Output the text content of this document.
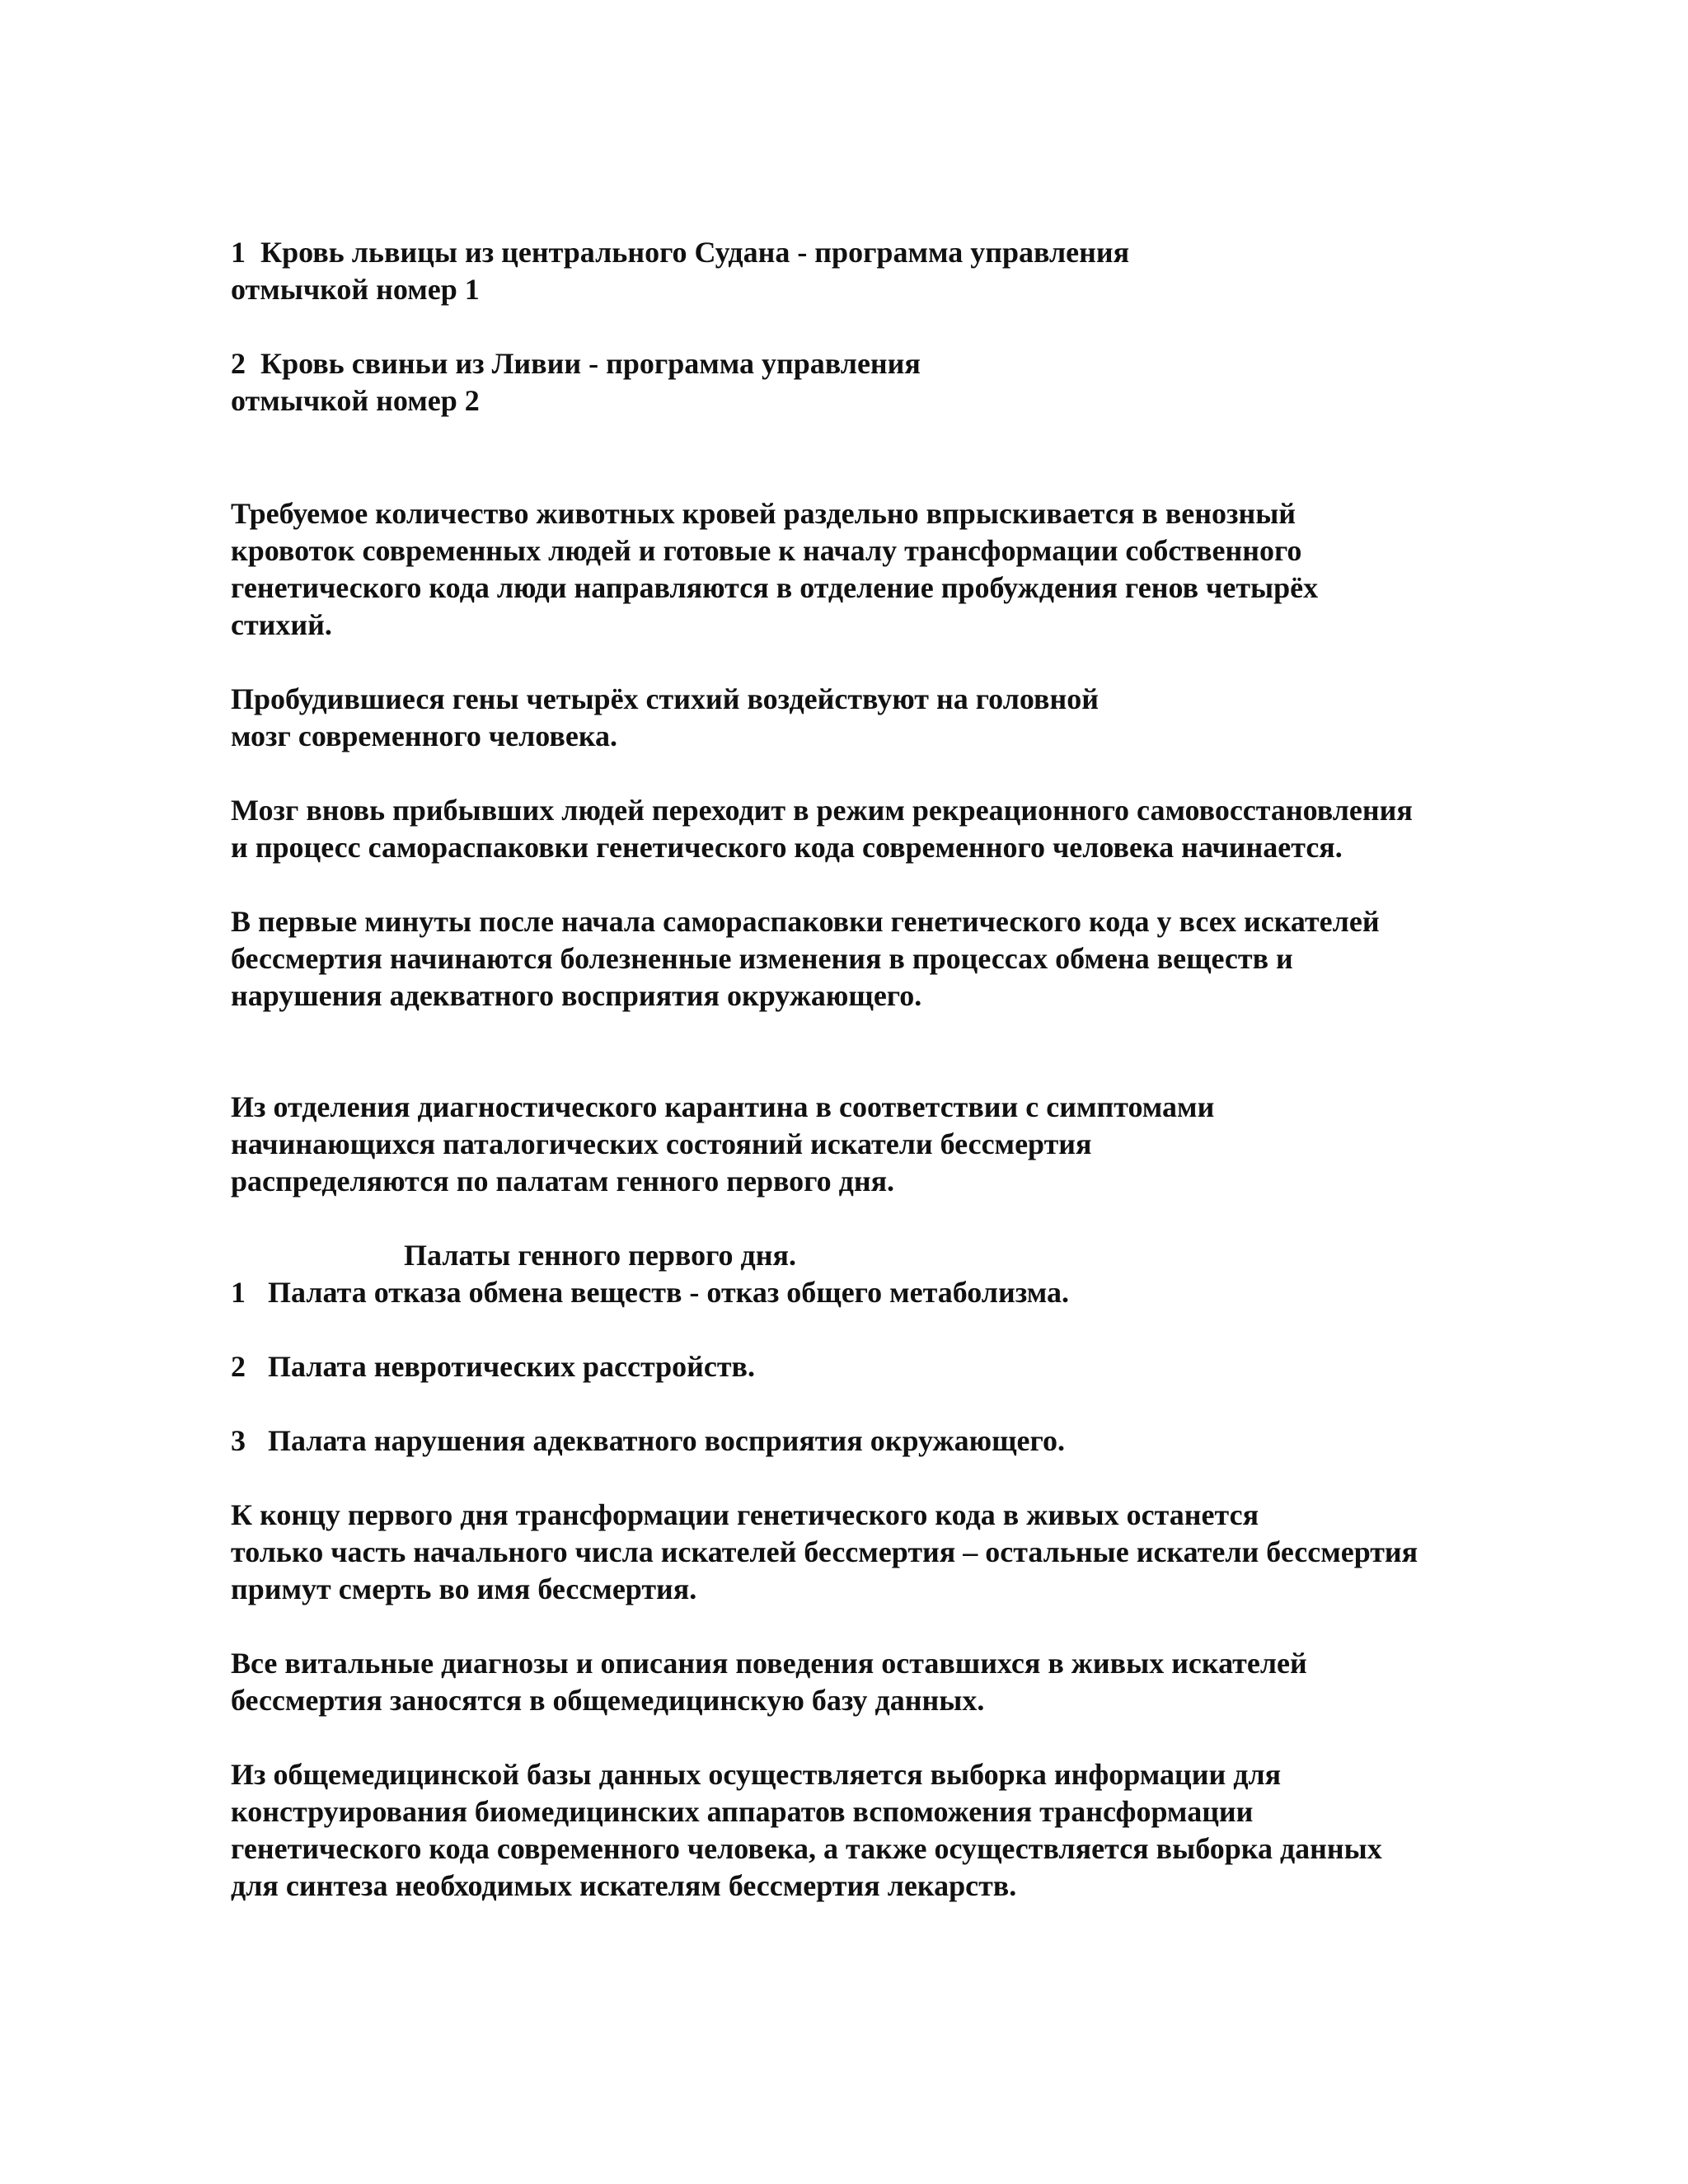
1  Кровь львицы из центрального Судана - программа управления

отмычкой номер 1

2  Кровь свиньи из Ливии - программа управления

отмычкой номер 2

Требуемое количество животных кровей раздельно впрыскивается в венозный

кровоток современных людей и готовые к началу трансформации собственного

генетического кода люди направляются в отделение пробуждения генов четырёх

стихий.

Пробудившиеся гены четырёх стихий воздействуют на головной

мозг современного человека.

Мозг вновь прибывших людей переходит в режим рекреационного самовосстановления

и процесс самораспаковки генетического кода современного человека начинается.

В первые минуты после начала самораспаковки генетического кода у всех искателей

бессмертия начинаются болезненные изменения в процессах обмена веществ и

нарушения адекватного восприятия окружающего.

Из отделения диагностического карантина в соответствии с симптомами

начинающихся паталогических состояний искатели бессмертия

распределяются по палатам генного первого дня.

Палаты генного первого дня.

1   Палата отказа обмена веществ - отказ общего метаболизма.

2   Палата невротических расстройств.

3   Палата нарушения адекватного восприятия окружающего.

К концу первого дня трансформации генетического кода в живых останется

только часть начального числа искателей бессмертия – остальные искатели бессмертия

примут смерть во имя бессмертия.

Все витальные диагнозы и описания поведения оставшихся в живых искателей

бессмертия заносятся в общемедицинскую базу данных.

Из общемедицинской базы данных осуществляется выборка информации для

конструирования биомедицинских аппаратов вспоможения трансформации

генетического кода современного человека, а также осуществляется выборка данных

для синтеза необходимых искателям бессмертия лекарств.
